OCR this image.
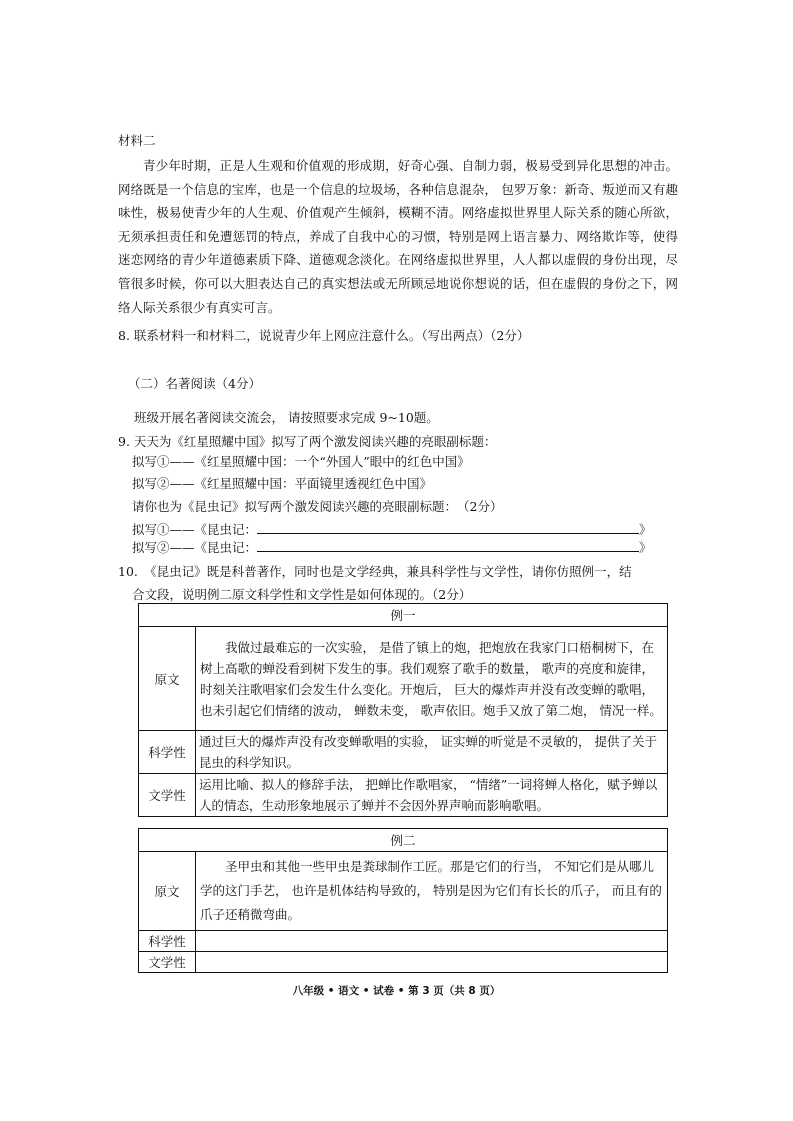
材料二
青少年时期，正是人生观和价值观的形成期，好奇心强、自制力弱，极易受到异化思想的冲击。网络既是一个信息的宝库，也是一个信息的垃圾场，各种信息混杂， 包罗万象：新奇、叛逆而又有趣味性，极易使青少年的人生观、价值观产生倾斜，模糊不清。网络虚拟世界里人际关系的随心所欲，无须承担责任和免遭惩罚的特点，养成了自我中心的习惯，特别是网上语言暴力、网络欺诈等，使得迷恋网络的青少年道德素质下降、道德观念淡化。在网络虚拟世界里，人人都以虚假的身份出现，尽管很多时候，你可以大胆表达自己的真实想法或无所顾忌地说你想说的话，但在虚假的身份之下，网络人际关系很少有真实可言。
8. 联系材料一和材料二，说说青少年上网应注意什么。（写出两点）（2分）
（二）名著阅读（4分）
班级开展名著阅读交流会， 请按照要求完成 9~10题。
9. 天天为《红星照耀中国》拟写了两个激发阅读兴趣的亮眼副标题：
拟写①——《红星照耀中国：一个“外国人”眼中的红色中国》
拟写②——《红星照耀中国：平面镜里透视红色中国》
请你也为《昆虫记》拟写两个激发阅读兴趣的亮眼副标题：　（2分）
拟写①——《昆虫记：	》
拟写②——《昆虫记：	》
10.　《昆虫记》既是科普著作，同时也是文学经典，兼具科学性与文学性，请你仿照例一，结
合文段，说明例二原文科学性和文学性是如何体现的。（2分）
例一	
原文	我做过最难忘的一次实验， 是借了镇上的炮，把炮放在我家门口梧桐树下，在树上高歌的蝉没看到树下发生的事。我们观察了歌手的数量， 歌声的亮度和旋律， 时刻关注歌唱家们会发生什么变化。开炮后， 巨大的爆炸声并没有改变蝉的歌唱， 也未引起它们情绪的波动， 蝉数未变， 歌声依旧。炮手又放了第二炮， 情况一样。
科学性	通过巨大的爆炸声没有改变蝉歌唱的实验， 证实蝉的听觉是不灵敏的， 提供了关于昆虫的科学知识。
文学性	运用比喻、拟人的修辞手法， 把蝉比作歌唱家， “情绪”一词将蝉人格化，赋予蝉以人的情态，生动形象地展示了蝉并不会因外界声响而影响歌唱。
例二	
原文	圣甲虫和其他一些甲虫是粪球制作工匠。那是它们的行当， 不知它们是从哪儿学的这门手艺， 也许是机体结构导致的， 特别是因为它们有长长的爪子， 而且有的爪子还稍微弯曲。
科学性	
文学性	
八年级 • 语文 • 试卷 • 第 3 页（共 8 页）
